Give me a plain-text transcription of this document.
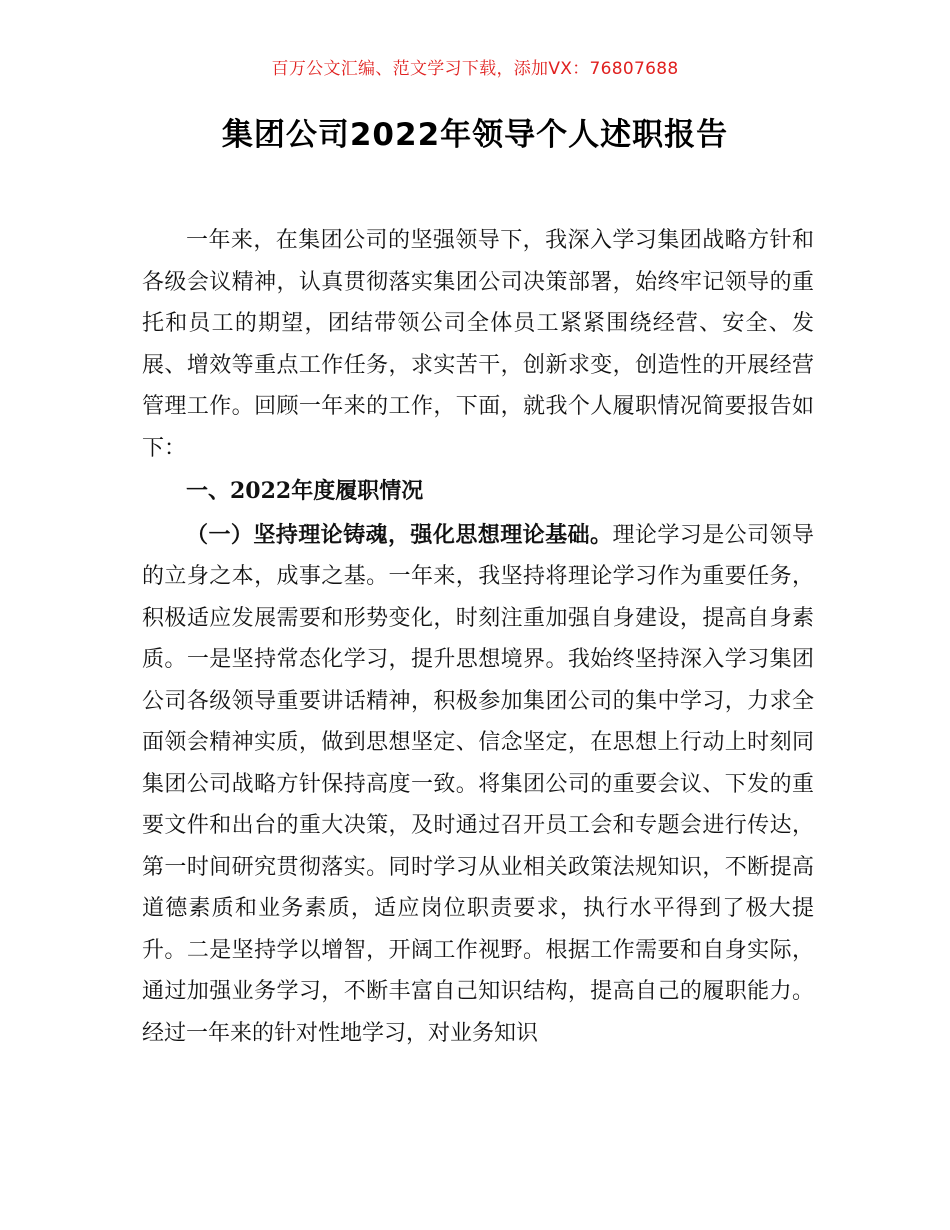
百万公文汇编、范文学习下载，添加VX：76807688
集团公司2022年领导个人述职报告

一年来，在集团公司的坚强领导下，我深入学习集团战略方针和各级会议精神，认真贯彻落实集团公司决策部署，始终牢记领导的重托和员工的期望，团结带领公司全体员工紧紧围绕经营、安全、发展、增效等重点工作任务，求实苦干，创新求变，创造性的开展经营管理工作。回顾一年来的工作，下面，就我个人履职情况简要报告如下：

一、2022年度履职情况

（一）坚持理论铸魂，强化思想理论基础。理论学习是公司领导的立身之本，成事之基。一年来，我坚持将理论学习作为重要任务，积极适应发展需要和形势变化，时刻注重加强自身建设，提高自身素质。一是坚持常态化学习，提升思想境界。我始终坚持深入学习集团公司各级领导重要讲话精神，积极参加集团公司的集中学习，力求全面领会精神实质，做到思想坚定、信念坚定，在思想上行动上时刻同集团公司战略方针保持高度一致。将集团公司的重要会议、下发的重要文件和出台的重大决策，及时通过召开员工会和专题会进行传达，第一时间研究贯彻落实。同时学习从业相关政策法规知识，不断提高道德素质和业务素质，适应岗位职责要求，执行水平得到了极大提升。二是坚持学以增智，开阔工作视野。根据工作需要和自身实际，通过加强业务学习，不断丰富自己知识结构，提高自己的履职能力。经过一年来的针对性地学习，对业务知识
